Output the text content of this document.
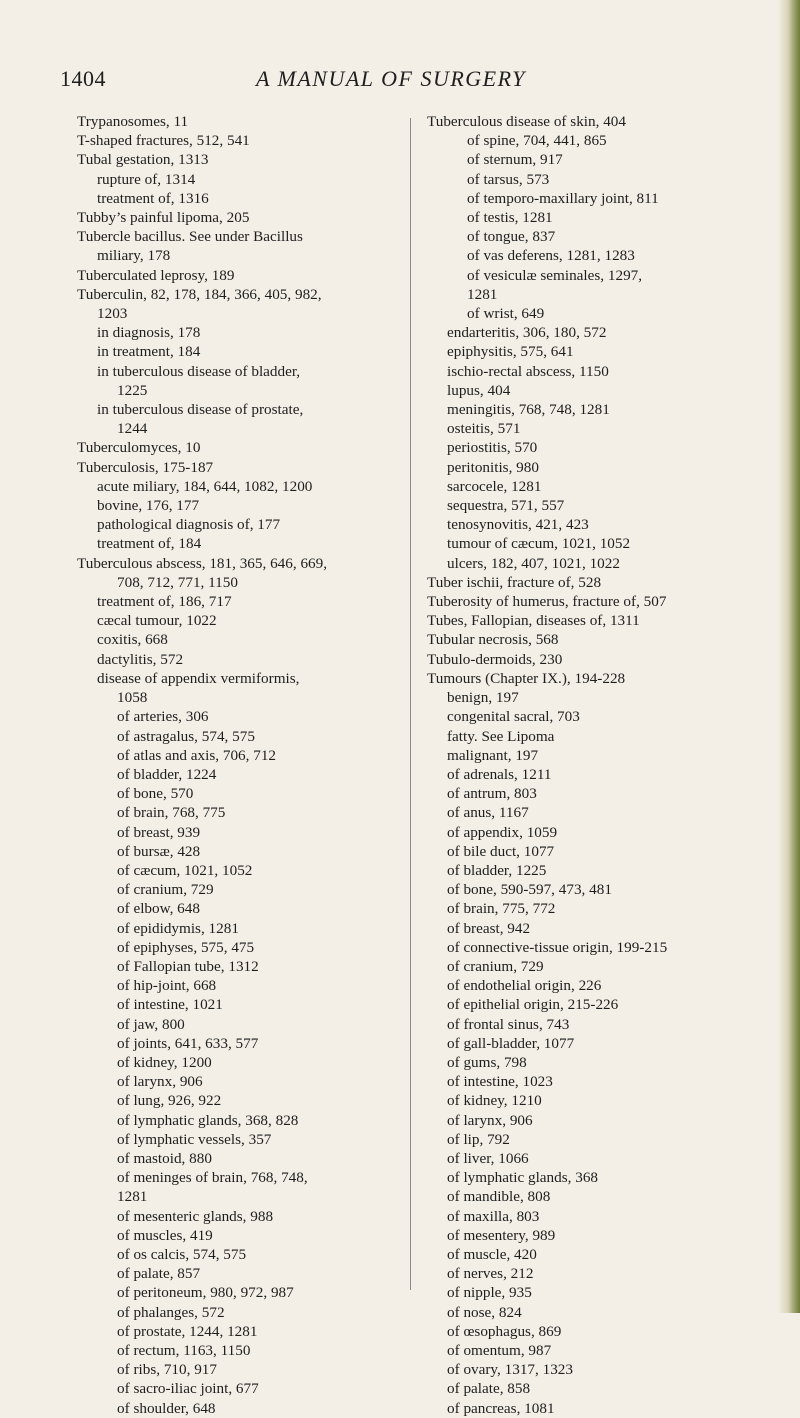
1404	A MANUAL OF SURGERY
Trypanosomes, 11
T-shaped fractures, 512, 541
Tubal gestation, 1313
rupture of, 1314
treatment of, 1316
Tubby’s painful lipoma, 205
Tubercle bacillus. See under Bacillus
miliary, 178
Tuberculated leprosy, 189
Tuberculin, 82, 178, 184, 366, 405, 982,
1203
in diagnosis, 178
in treatment, 184
in tuberculous disease of bladder,
1225
in tuberculous disease of prostate,
1244
Tuberculomyces, 10
Tuberculosis, 175-187
acute miliary, 184, 644, 1082, 1200
bovine, 176, 177
pathological diagnosis of, 177
treatment of, 184
Tuberculous abscess, 181, 365, 646, 669,
708, 712, 771, 1150
treatment of, 186, 717
cæcal tumour, 1022
coxitis, 668
dactylitis, 572
disease of appendix vermiformis,
1058
of arteries, 306
of astragalus, 574, 575
of atlas and axis, 706, 712
of bladder, 1224
of bone, 570
of brain, 768, 775
of breast, 939
of bursæ, 428
of cæcum, 1021, 1052
of cranium, 729
of elbow, 648
of epididymis, 1281
of epiphyses, 575, 475
of Fallopian tube, 1312
of hip-joint, 668
of intestine, 1021
of jaw, 800
of joints, 641, 633, 577
of kidney, 1200
of larynx, 906
of lung, 926, 922
of lymphatic glands, 368, 828
of lymphatic vessels, 357
of mastoid, 880
of meninges of brain, 768, 748,
1281
of mesenteric glands, 988
of muscles, 419
of os calcis, 574, 575
of palate, 857
of peritoneum, 980, 972, 987
of phalanges, 572
of prostate, 1244, 1281
of rectum, 1163, 1150
of ribs, 710, 917
of sacro-iliac joint, 677
of shoulder, 648
Tuberculous disease of skin, 404
of spine, 704, 441, 865
of sternum, 917
of tarsus, 573
of temporo-maxillary joint, 811
of testis, 1281
of tongue, 837
of vas deferens, 1281, 1283
of vesiculæ seminales, 1297,
1281
of wrist, 649
endarteritis, 306, 180, 572
epiphysitis, 575, 641
ischio-rectal abscess, 1150
lupus, 404
meningitis, 768, 748, 1281
osteitis, 571
periostitis, 570
peritonitis, 980
sarcocele, 1281
sequestra, 571, 557
tenosynovitis, 421, 423
tumour of cæcum, 1021, 1052
ulcers, 182, 407, 1021, 1022
Tuber ischii, fracture of, 528
Tuberosity of humerus, fracture of, 507
Tubes, Fallopian, diseases of, 1311
Tubular necrosis, 568
Tubulo-dermoids, 230
Tumours (Chapter IX.), 194-228
benign, 197
congenital sacral, 703
fatty. See Lipoma
malignant, 197
of adrenals, 1211
of antrum, 803
of anus, 1167
of appendix, 1059
of bile duct, 1077
of bladder, 1225
of bone, 590-597, 473, 481
of brain, 775, 772
of breast, 942
of connective-tissue origin, 199-215
of cranium, 729
of endothelial origin, 226
of epithelial origin, 215-226
of frontal sinus, 743
of gall-bladder, 1077
of gums, 798
of intestine, 1023
of kidney, 1210
of larynx, 906
of lip, 792
of liver, 1066
of lymphatic glands, 368
of mandible, 808
of maxilla, 803
of mesentery, 989
of muscle, 420
of nerves, 212
of nipple, 935
of nose, 824
of œsophagus, 869
of omentum, 987
of ovary, 1317, 1323
of palate, 858
of pancreas, 1081
